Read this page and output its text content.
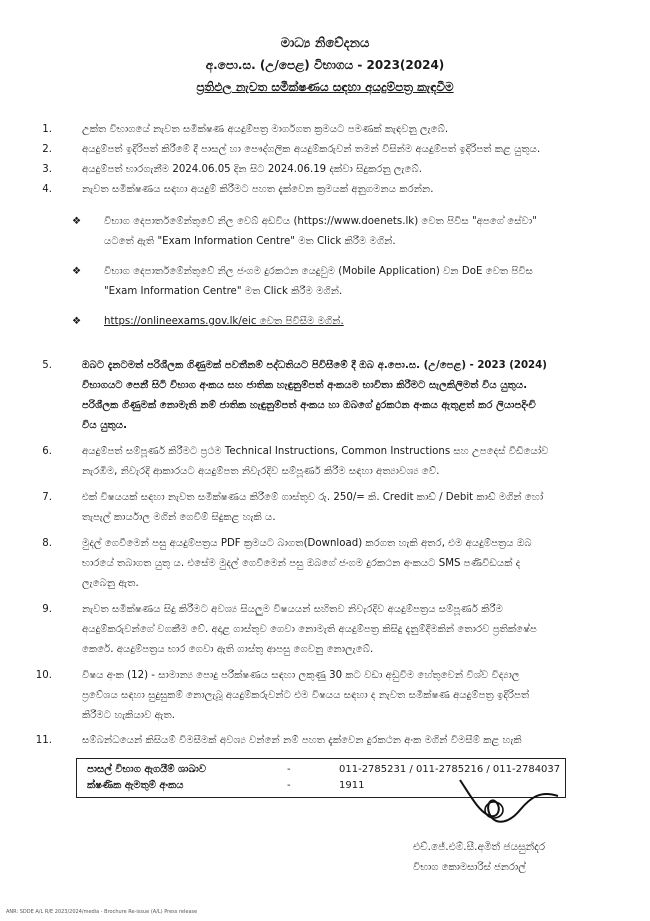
මාධ්‍ය නිවේදනය
අ.පො.ස. (උ/පෙළ) විභාගය - 2023(2024)
ප්‍රතිඵල නැවත සමීක්ෂණය සඳහා අයදුම්පත්‍ර කැඳවීම
1.	උක්ත විභාගයේ නැවත සමීක්ෂණ අයදුම්පත්‍ර මාර්ගගත ක්‍රමයට පමණක් කැඳවනු ලැබේ.
2.	අයදුම්පත් ඉදිරිපත් කිරීමේ දී පාසල් හා පෞද්ගලික අයදුම්කරුවන් තමන් විසින්ම අයදුම්පත් ඉදිරිපත් කළ යුතුය.
3.	අයදුම්පත් භාරගැනීම 2024.06.05 දින සිට 2024.06.19 දක්වා සිදුකරනු ලැබේ.
4.	නැවත සමීක්ෂණය සඳහා අයදුම් කිරීමට පහත දැක්වෙන ක්‍රමයක් අනුගමනය කරන්න.
❖ විභාග දෙපාර්තමේන්තුවේ නිල වෙබ් අඩවිය (https://www.doenets.lk) වෙත පිවිස "අපගේ සේවා"
යටතේ ඇති "Exam Information Centre" මත Click කිරීම මගින්.
❖ විභාග දෙපාර්තමේන්තුවේ නිල ජංගම දුරකථන යෙදුවුම (Mobile Application) වන DoE වෙත පිවිස
"Exam Information Centre" මත Click කිරීම මගින්.
❖ https://onlineexams.gov.lk/eic වෙත පිවිසීම මගින්.
5.	ඔබට දැනටමත් පරිශීලක ගිණුමක් පවතීනම් පද්ධතියට පිවිසීමේ දී ඔබ අ.පො.ස. (උ/පෙළ) - 2023 (2024)
විභාගයට පෙනී සිටි විභාග අංකය සහ ජාතික හැඳුනුම්පත් අංකයම භාවිතා කිරීමට සැලකිලිමත් විය යුතුය.
පරිශීලක ගිණුමක් නොමැති නම් ජාතික හැඳුනුම්පත් අංකය හා ඔබගේ දුරකථන අංකය ඇතුළත් කර ලියාපදිංචි
විය යුතුය.
6.	අයදුම්පත් සම්පූර්ණ කිරීමට ප්‍රථම Technical Instructions, Common Instructions සහ උපදෙස් වීඩියෝව
නැරඹීම, නිවැරදි ආකාරයට අයදුම්පත නිවැරදිව සම්පූර්ණ කිරීම සඳහා අත්‍යාවශ්‍ය වේ.
7.	එක් විෂයයක් සඳහා නැවත සමීක්ෂණය කිරීමේ ගාස්තුව රු. 250/= කි. Credit කාඩ් / Debit කාඩ් මගින් හෝ
තැපැල් කාර්යාල මගින් ගෙවීම් සිදුකළ හැකි ය.
8.	මුදල් ගෙවීමෙන් පසු අයදුම්පත්‍රය PDF ක්‍රමයට බාගත(Download) කරගත හැකි අතර, එම අයදුම්පත්‍රය ඔබ
භාරයේ තබාගත යුතු ය. එසේම මුදල් ගෙවීමෙන් පසු ඔබගේ ජංගම දුරකථන අංකයට SMS පණිවිඩයක් ද
ලැබෙනු ඇත.
9.	නැවත සමීක්ෂණය සිදු කිරීමට අවශ්‍ය සියලුම විෂයයන් සහිතව නිවැරදිව අයදුම්පත්‍රය සම්පූර්ණ කිරීම
අයදුම්කරුවන්ගේ වගකීම වේ. අදාළ ගාස්තුව ගෙවා නොමැති අයදුම්පත්‍ර කිසිදු දැනුම්දීමකින් තොරව ප්‍රතික්ෂේප
කෙරේ. අයදුම්පත්‍රය භාර ගෙවා ඇති ගාස්තු ආපසු ගෙවනු නොලැබේ.
10.	විෂය අංක (12) - සාමාන්‍ය පොදු පරීක්ෂණය සඳහා ලකුණු 30 කට වඩා අඩුවීම හේතුවෙන් විශ්ව විද්‍යාල
ප්‍රවේශය සඳහා සුදුසුකම් නොලැබූ අයදුම්කරුවන්ට එම විෂයය සඳහා ද නැවත සමීක්ෂණ අයදුම්පත්‍ර ඉදිරිපත්
කිරීමට හැකියාව ඇත.
11.	සම්බන්ධයෙන් කිසියම් විමසීමක් අවශ්‍ය වන්නේ නම් පහත දැක්වෙන දුරකථන අංක මගින් විමසීම් කළ හැකි
පාසල් විභාග ඇගයීම් ශාඛාව	-	011-2785231 / 011-2785216 / 011-2784037
ක්ෂණික ඇමතුම් අංකය	-	1911
එච්.ජේ.එම්.සී.අමිත් ජයසුන්දර
විභාග කොමසාරිස් ජනරාල්
ANR: SDDE A/L R/E 2023/2024/media - Brochure Re-issue (A/L) Press release
